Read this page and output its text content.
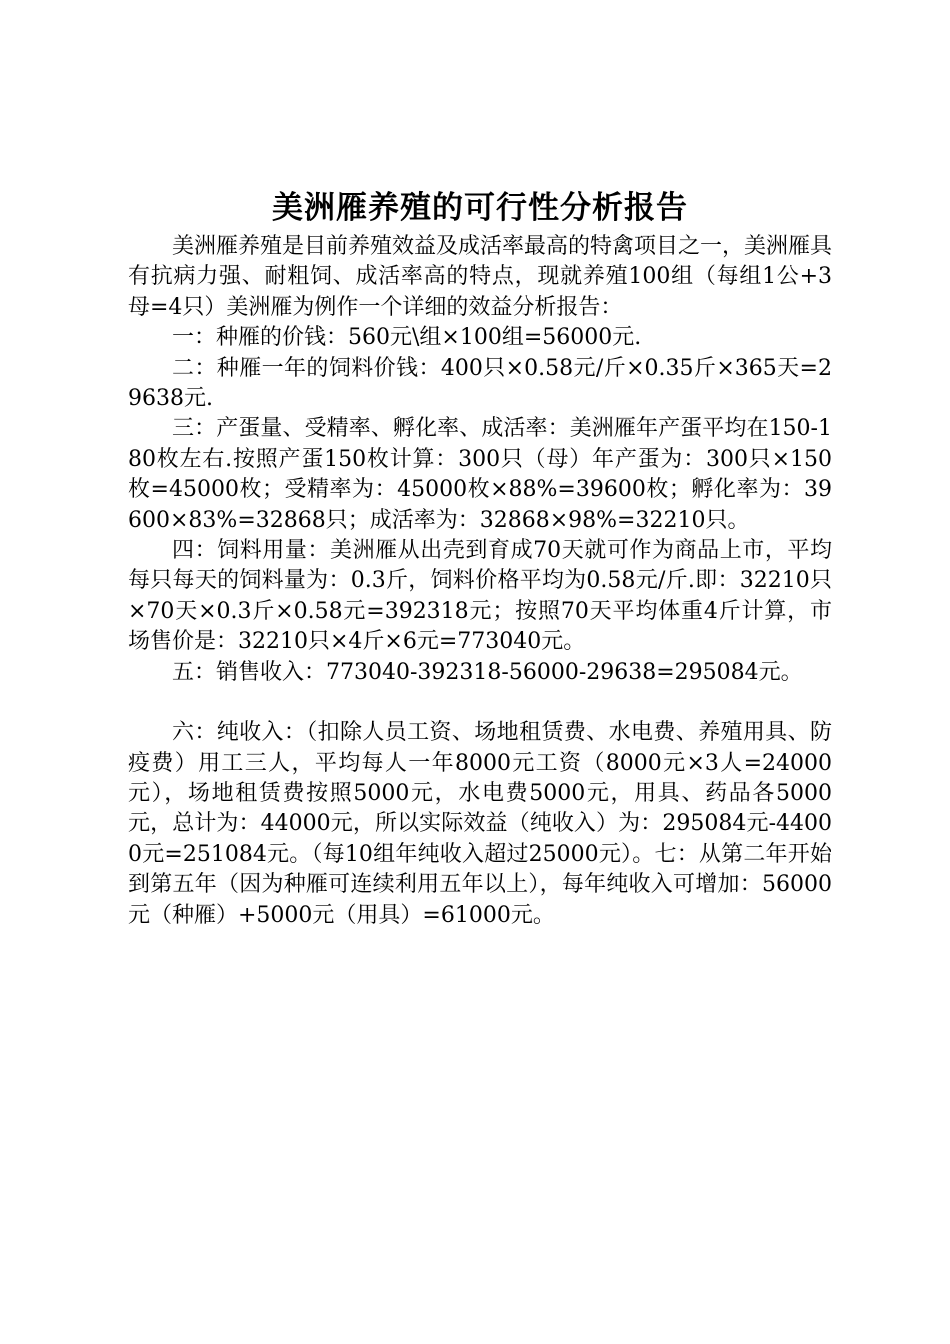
美洲雁养殖的可行性分析报告

美洲雁养殖是目前养殖效益及成活率最高的特禽项目之一，美洲雁具有抗病力强、耐粗饲、成活率高的特点，现就养殖100组（每组1公+3母=4只）美洲雁为例作一个详细的效益分析报告：

一：种雁的价钱：560元\组×100组=56000元.

二：种雁一年的饲料价钱：400只×0.58元/斤×0.35斤×365天=29638元.

三：产蛋量、受精率、孵化率、成活率：美洲雁年产蛋平均在150-180枚左右.按照产蛋150枚计算：300只（母）年产蛋为：300只×150枚=45000枚；受精率为：45000枚×88%=39600枚；孵化率为：39600×83%=32868只；成活率为：32868×98%=32210只。

四：饲料用量：美洲雁从出壳到育成70天就可作为商品上市，平均每只每天的饲料量为：0.3斤，饲料价格平均为0.58元/斤.即：32210只×70天×0.3斤×0.58元=392318元；按照70天平均体重4斤计算，市场售价是：32210只×4斤×6元=773040元。

五：销售收入：773040-392318-56000-29638=295084元。

六：纯收入：（扣除人员工资、场地租赁费、水电费、养殖用具、防疫费）用工三人，平均每人一年8000元工资（8000元×3人=24000元），场地租赁费按照5000元，水电费5000元，用具、药品各5000元，总计为：44000元，所以实际效益（纯收入）为：295084元-44000元=251084元。（每10组年纯收入超过25000元）。七：从第二年开始到第五年（因为种雁可连续利用五年以上），每年纯收入可增加：56000元（种雁）+5000元（用具）=61000元。
